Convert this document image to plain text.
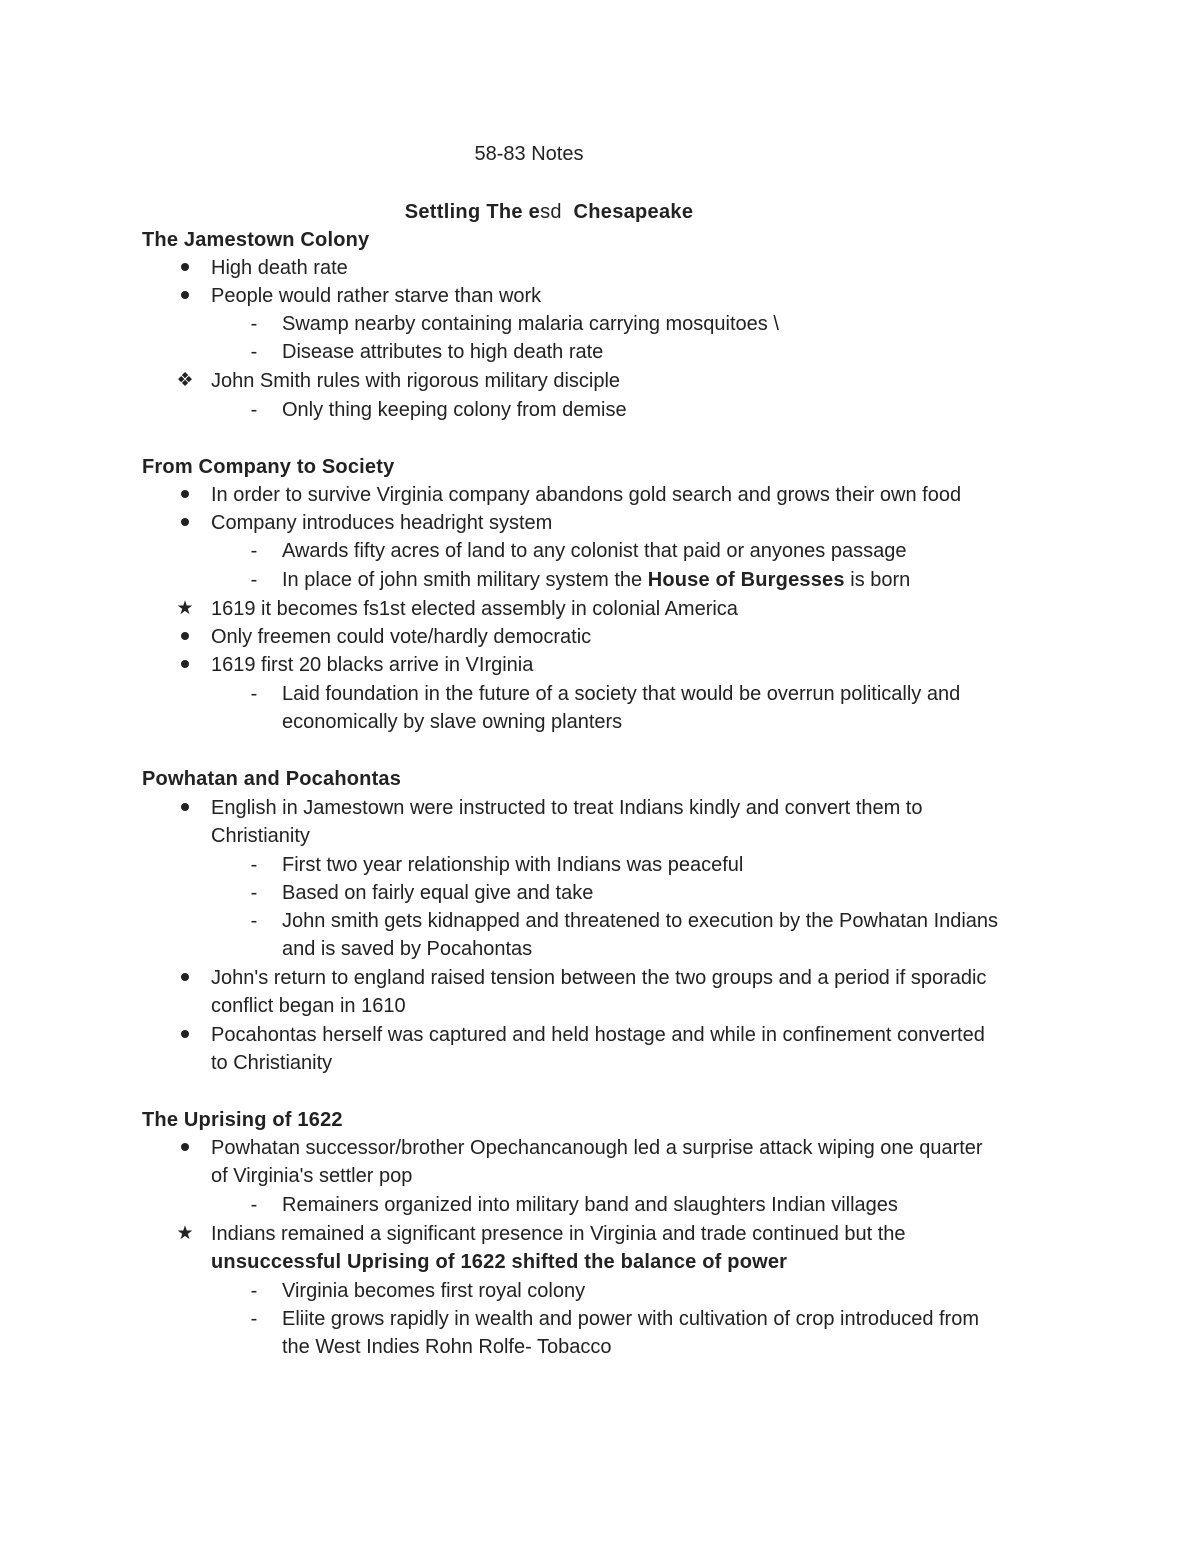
58-83 Notes
Settling The esd  Chesapeake
The Jamestown Colony
High death rate
People would rather starve than work
-	Swamp nearby containing malaria carrying mosquitoes \
-	Disease attributes to high death rate
❖ John Smith rules with rigorous military disciple
-	Only thing keeping colony from demise
From Company to Society
In order to survive Virginia company abandons gold search and grows their own food
Company introduces headright system
-	Awards fifty acres of land to any colonist that paid or anyones passage
-	In place of john smith military system the House of Burgesses is born
★ 1619 it becomes fs1st elected assembly in colonial America
Only freemen could vote/hardly democratic
1619 first 20 blacks arrive in VIrginia
-	Laid foundation in the future of a society that would be overrun politically and
economically by slave owning planters
Powhatan and Pocahontas
English in Jamestown were instructed to treat Indians kindly and convert them to
Christianity
-	First two year relationship with Indians was peaceful
-	Based on fairly equal give and take
-	John smith gets kidnapped and threatened to execution by the Powhatan Indians
and is saved by Pocahontas
John's return to england raised tension between the two groups and a period if sporadic
conflict began in 1610
Pocahontas herself was captured and held hostage and while in confinement converted
to Christianity
The Uprising of 1622
Powhatan successor/brother Opechancanough led a surprise attack wiping one quarter
of Virginia's settler pop
-	Remainers organized into military band and slaughters Indian villages
★ Indians remained a significant presence in Virginia and trade continued but the
unsuccessful Uprising of 1622 shifted the balance of power
-	Virginia becomes first royal colony
-	Eliite grows rapidly in wealth and power with cultivation of crop introduced from
the West Indies Rohn Rolfe- Tobacco
